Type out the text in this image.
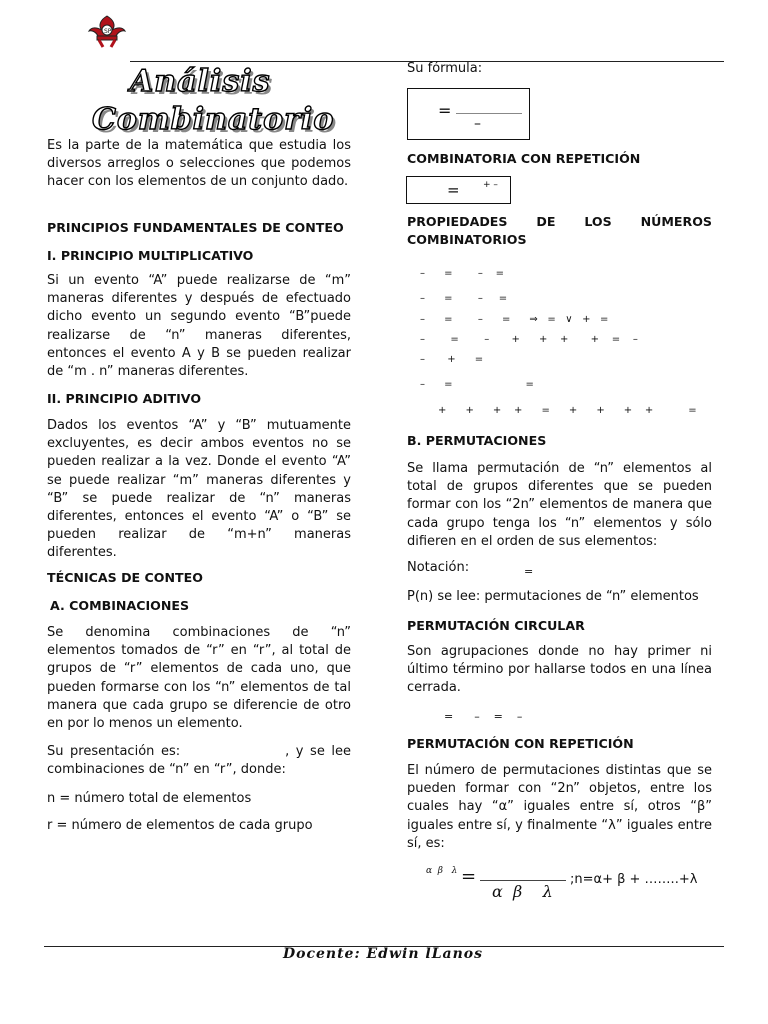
SP
Análisis
Combinatorio
Es la parte de la matemática que estudia los diversos arreglos o selecciones que podemos hacer con los elementos de un conjunto dado.
PRINCIPIOS FUNDAMENTALES DE CONTEO
I. PRINCIPIO MULTIPLICATIVO
Si un evento “A” puede realizarse de “m” maneras diferentes y después de efectuado dicho evento un segundo evento “B”puede realizarse de “n” maneras diferentes, entonces el evento A y B se pueden realizar de “m . n” maneras diferentes.
II. PRINCIPIO ADITIVO
Dados los eventos “A” y “B” mutuamente excluyentes, es decir ambos eventos no se pueden realizar a la vez. Donde el evento “A” se puede realizar “m” maneras diferentes y “B” se puede realizar de “n” maneras diferentes, entonces el evento “A” o “B” se pueden realizar de “m+n” maneras diferentes.
TÉCNICAS DE CONTEO
A. COMBINACIONES
Se denomina combinaciones de “n” elementos tomados de “r” en “r”, al total de grupos de “r” elementos de cada uno, que pueden formarse con los “n” elementos de tal manera que cada grupo se diferencie de otro en por lo menos un elemento.
Su presentación es:                , y se lee combinaciones de “n” en “r”, donde:
n = número total de elementos
r = número de elementos de cada grupo
Su fórmula:
=
–
COMBINATORIA CON REPETICIÓN
=	+ –
PROPIEDADES DE LOS NÚMEROS
COMBINATORIOS
–      =        –    =
–      =        –     =
–      =        –      =      ⇒   =   ∨   +   =
–        =        –       +      +    +       +    =    –
–       +      =
–      =                       =
+      +      +    +      =      +      +      +    +           =
B. PERMUTACIONES
Se llama permutación de “n” elementos al total de grupos diferentes que se pueden formar con los “2n” elementos de manera que cada grupo tenga los “n” elementos y sólo difieren en el orden de sus elementos:
Notación:	=
P(n) se lee: permutaciones de “n” elementos
PERMUTACIÓN CIRCULAR
Son agrupaciones donde no hay primer ni último término por hallarse todos en una línea cerrada.
=      –    =    –
PERMUTACIÓN CON REPETICIÓN
El número de permutaciones distintas que se pueden formar con “2n” objetos, entre los cuales hay “α” iguales entre sí, otros “β” iguales entre sí, y finalmente “λ” iguales entre sí, es:
α  β   λ =
α  β    λ
;n=α+ β + ……..+λ
Docente: Edwin lLanos
